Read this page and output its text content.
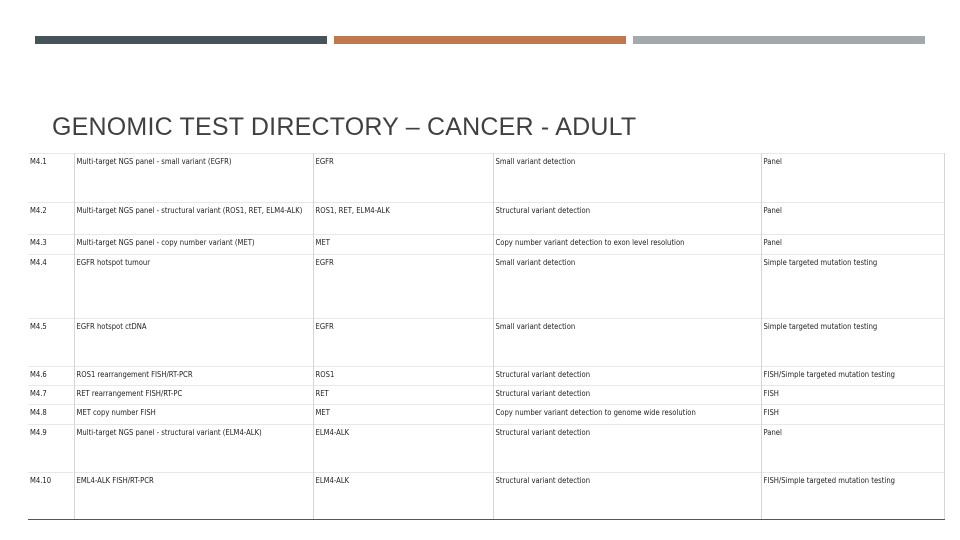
GENOMIC TEST DIRECTORY – CANCER - ADULT
M4.1	Multi-target NGS panel - small variant (EGFR)	EGFR	Small variant detection	Panel
M4.2	Multi-target NGS panel - structural variant (ROS1, RET, ELM4-ALK)	ROS1, RET, ELM4-ALK	Structural variant detection	Panel
M4.3	Multi-target NGS panel - copy number variant (MET)	MET	Copy number variant detection to exon level resolution	Panel
M4.4	EGFR hotspot tumour	EGFR	Small variant detection	Simple targeted mutation testing
M4.5	EGFR hotspot ctDNA	EGFR	Small variant detection	Simple targeted mutation testing
M4.6	ROS1 rearrangement FISH/RT-PCR	ROS1	Structural variant detection	FISH/Simple targeted mutation testing
M4.7	RET rearrangement FISH/RT-PC	RET	Structural variant detection	FISH
M4.8	MET copy number FISH	MET	Copy number variant detection to genome wide resolution	FISH
M4.9	Multi-target NGS panel - structural variant (ELM4-ALK)	ELM4-ALK	Structural variant detection	Panel
M4.10	EML4-ALK FISH/RT-PCR	ELM4-ALK	Structural variant detection	FISH/Simple targeted mutation testing
